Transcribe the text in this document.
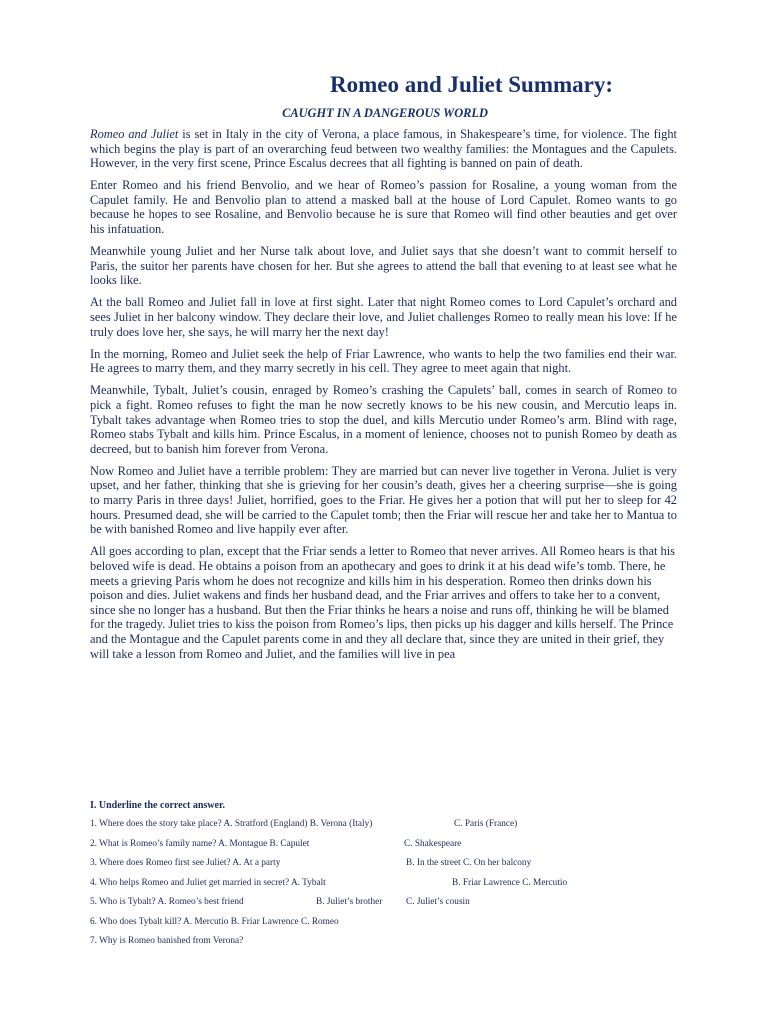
Romeo and Juliet Summary:
CAUGHT IN A DANGEROUS WORLD

Romeo and Juliet is set in Italy in the city of Verona, a place famous, in Shakespeare’s time, for violence. The fight which begins the play is part of an overarching feud between two wealthy families: the Montagues and the Capulets. However, in the very first scene, Prince Escalus decrees that all fighting is banned on pain of death.

Enter Romeo and his friend Benvolio, and we hear of Romeo’s passion for Rosaline, a young woman from the Capulet family. He and Benvolio plan to attend a masked ball at the house of Lord Capulet. Romeo wants to go because he hopes to see Rosaline, and Benvolio because he is sure that Romeo will find other beauties and get over his infatuation.

Meanwhile young Juliet and her Nurse talk about love, and Juliet says that she doesn’t want to commit herself to Paris, the suitor her parents have chosen for her. But she agrees to attend the ball that evening to at least see what he looks like.

At the ball Romeo and Juliet fall in love at first sight. Later that night Romeo comes to Lord Capulet’s orchard and sees Juliet in her balcony window. They declare their love, and Juliet challenges Romeo to really mean his love: If he truly does love her, she says, he will marry her the next day!

In the morning, Romeo and Juliet seek the help of Friar Lawrence, who wants to help the two families end their war. He agrees to marry them, and they marry secretly in his cell. They agree to meet again that night.

Meanwhile, Tybalt, Juliet’s cousin, enraged by Romeo’s crashing the Capulets’ ball, comes in search of Romeo to pick a fight. Romeo refuses to fight the man he now secretly knows to be his new cousin, and Mercutio leaps in. Tybalt takes advantage when Romeo tries to stop the duel, and kills Mercutio under Romeo’s arm. Blind with rage, Romeo stabs Tybalt and kills him. Prince Escalus, in a moment of lenience, chooses not to punish Romeo by death as decreed, but to banish him forever from Verona.

Now Romeo and Juliet have a terrible problem: They are married but can never live together in Verona. Juliet is very upset, and her father, thinking that she is grieving for her cousin’s death, gives her a cheering surprise—she is going to marry Paris in three days! Juliet, horrified, goes to the Friar. He gives her a potion that will put her to sleep for 42 hours. Presumed dead, she will be carried to the Capulet tomb; then the Friar will rescue her and take her to Mantua to be with banished Romeo and live happily ever after.

All goes according to plan, except that the Friar sends a letter to Romeo that never arrives. All Romeo hears is that his beloved wife is dead. He obtains a poison from an apothecary and goes to drink it at his dead wife’s tomb. There, he meets a grieving Paris whom he does not recognize and kills him in his desperation. Romeo then drinks down his poison and dies. Juliet wakens and finds her husband dead, and the Friar arrives and offers to take her to a convent, since she no longer has a husband. But then the Friar thinks he hears a noise and runs off, thinking he will be blamed for the tragedy. Juliet tries to kiss the poison from Romeo’s lips, then picks up his dagger and kills herself. The Prince and the Montague and the Capulet parents come in and they all declare that, since they are united in their grief, they will take a lesson from Romeo and Juliet, and the families will live in pea

I. Underline the correct answer.
1. Where does the story take place? A. Stratford (England) B. Verona (Italy)	C. Paris (France)
2. What is Romeo’s family name? A. Montague B. Capulet	C. Shakespeare
3. Where does Romeo first see Juliet? A. At a party	B. In the street C. On her balcony
4. Who helps Romeo and Juliet get married in secret? A. Tybalt	B. Friar Lawrence C. Mercutio
5. Who is Tybalt? A. Romeo’s best friend	B. Juliet’s brother	C. Juliet’s cousin
6. Who does Tybalt kill? A. Mercutio B. Friar Lawrence C. Romeo
7. Why is Romeo banished from Verona?
